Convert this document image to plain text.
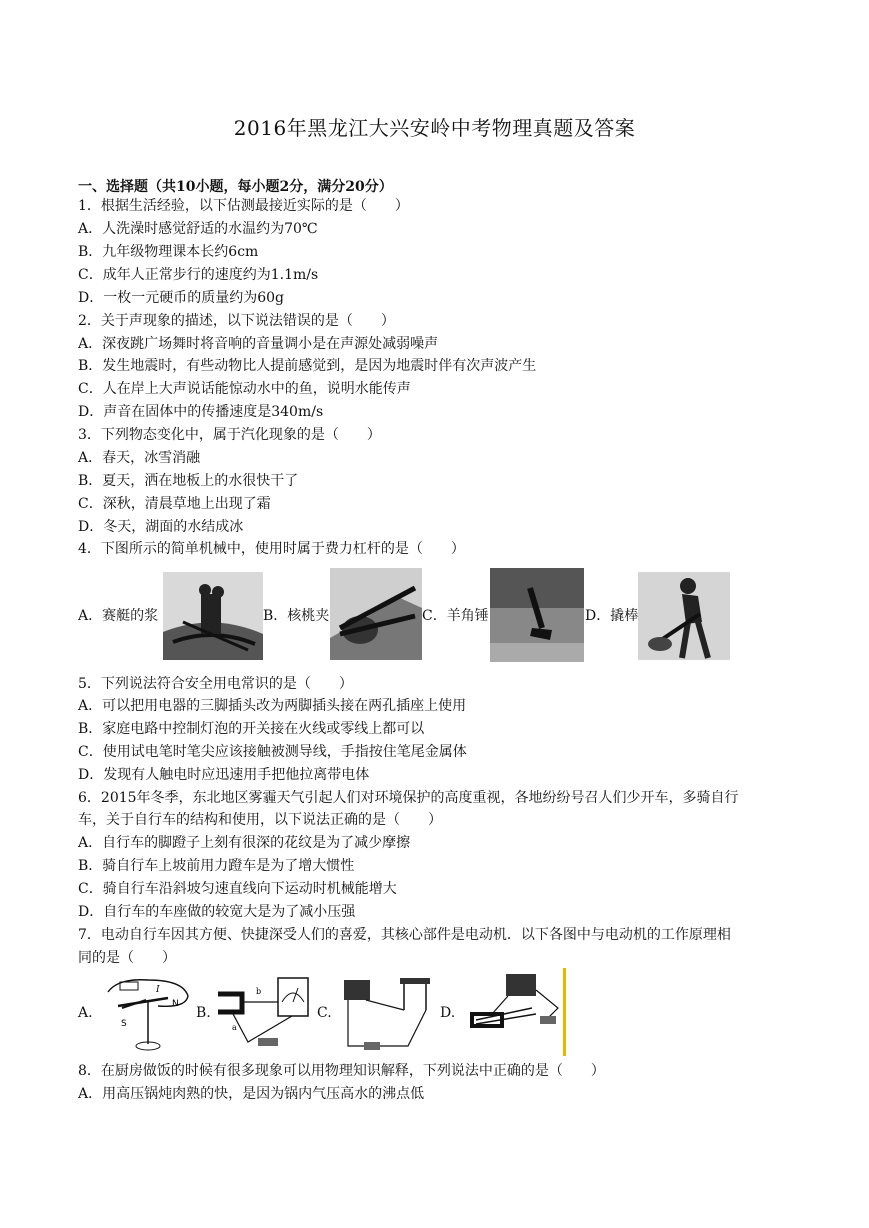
2016年黑龙江大兴安岭中考物理真题及答案
一、选择题（共10小题，每小题2分，满分20分）
1．根据生活经验，以下估测最接近实际的是（　　）
A．人洗澡时感觉舒适的水温约为70℃
B．九年级物理课本长约6cm
C．成年人正常步行的速度约为1.1m/s
D．一枚一元硬币的质量约为60g
2．关于声现象的描述，以下说法错误的是（　　）
A．深夜跳广场舞时将音响的音量调小是在声源处减弱噪声
B．发生地震时，有些动物比人提前感觉到，是因为地震时伴有次声波产生
C．人在岸上大声说话能惊动水中的鱼，说明水能传声
D．声音在固体中的传播速度是340m/s
3．下列物态变化中，属于汽化现象的是（　　）
A．春天，冰雪消融
B．夏天，洒在地板上的水很快干了
C．深秋，清晨草地上出现了霜
D．冬天，湖面的水结成冰
4．下图所示的简单机械中，使用时属于费力杠杆的是（　　）
A．赛艇的浆	B．核桃夹	C．羊角锤	D．撬棒
5．下列说法符合安全用电常识的是（　　）
A．可以把用电器的三脚插头改为两脚插头接在两孔插座上使用
B．家庭电路中控制灯泡的开关接在火线或零线上都可以
C．使用试电笔时笔尖应该接触被测导线，手指按住笔尾金属体
D．发现有人触电时应迅速用手把他拉离带电体
6．2015年冬季，东北地区雾霾天气引起人们对环境保护的高度重视，各地纷纷号召人们少开车，多骑自行
车，关于自行车的结构和使用，以下说法正确的是（　　）
A．自行车的脚蹬子上刻有很深的花纹是为了减少摩擦
B．骑自行车上坡前用力蹬车是为了增大惯性
C．骑自行车沿斜坡匀速直线向下运动时机械能增大
D．自行车的车座做的较宽大是为了减小压强
7．电动自行车因其方便、快捷深受人们的喜爱，其核心部件是电动机．以下各图中与电动机的工作原理相
同的是（　　）
A.
S
N
I
B.
a
b
C.	D.
8．在厨房做饭的时候有很多现象可以用物理知识解释，下列说法中正确的是（　　）
A．用高压锅炖肉熟的快，是因为锅内气压高水的沸点低
